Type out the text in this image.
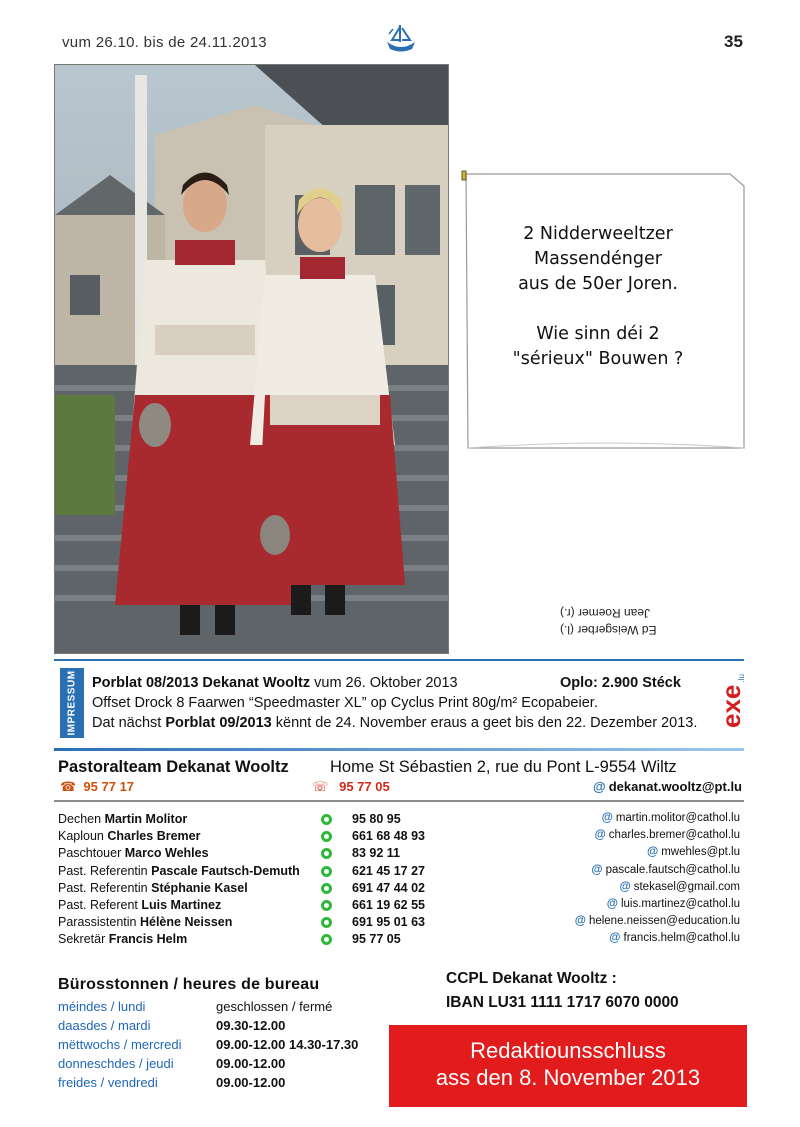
vum 26.10. bis de 24.11.2013	35
2 Nidderweeltzer
Massendénger
aus de 50er Joren.
Wie sinn déi 2
"sérieux" Bouwen ?
Ed Weisgerber (l.)
Jean Roemer (r.)
IMPRESSUM Porblat 08/2013 Dekanat Wooltz vum 26. Oktober 2013	Oplo: 2.900 Stéck
Offset Drock 8 Faarwen “Speedmaster XL” op Cyclus Print 80g/m² Ecopabeier.
Dat nächst Porblat 09/2013 kënnt de 24. November eraus a geet bis den 22. Dezember 2013. exe
.lu
Pastoralteam Dekanat Wooltz Home St Sébastien 2, rue du Pont L-9554 Wiltz
☎  95 77 17	☏   95 77 05	@ dekanat.wooltz@pt.lu
Dechen Martin Molitor	95 80 95	@ martin.molitor@cathol.lu
Kaploun Charles Bremer	661 68 48 93	@ charles.bremer@cathol.lu
Paschtouer Marco Wehles	83 92 11	@ mwehles@pt.lu
Past. Referentin Pascale Fautsch-Demuth	621 45 17 27	@ pascale.fautsch@cathol.lu
Past. Referentin Stéphanie Kasel	691 47 44 02	@ stekasel@gmail.com
Past. Referent Luis Martinez	661 19 62 55	@ luis.martinez@cathol.lu
Parassistentin Hélène Neissen	691 95 01 63	@ helene.neissen@education.lu
Sekretär Francis Helm	95 77 05	@ francis.helm@cathol.lu
Bürosstonnen / heures de bureau
méindes / lundi	geschlossen / fermé
daasdes / mardi	09.30-12.00
mëttwochs / mercredi	09.00-12.00 14.30-17.30
donneschdes / jeudi	09.00-12.00
freides / vendredi	09.00-12.00
CCPL Dekanat Wooltz :
IBAN LU31 1111 1717 6070 0000
Redaktiounsschluss
ass den 8. November 2013
